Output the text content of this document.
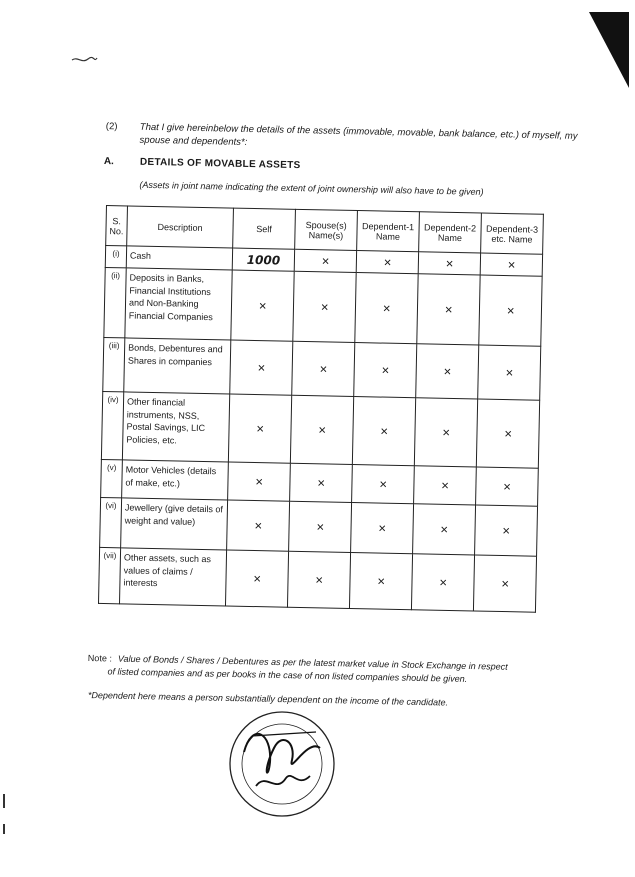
(2) That I give hereinbelow the details of the assets (immovable, movable, bank balance, etc.) of myself, my spouse and dependents*:
A.	DETAILS OF MOVABLE ASSETS
(Assets in joint name indicating the extent of joint ownership will also have to be given)
S. No.	Description	Self	Spouse(s) Name(s)	Dependent-1 Name	Dependent-2 Name	Dependent-3 etc. Name
(i)	Cash	1000	×	×	×	×
(ii)	Deposits in Banks, Financial Institutions and Non-Banking Financial Companies	×	×	×	×	×
(iii)	Bonds, Debentures and Shares in companies	×	×	×	×	×
(iv)	Other financial instruments, NSS, Postal Savings, LIC Policies, etc.	×	×	×	×	×
(v)	Motor Vehicles (details of make, etc.)	×	×	×	×	×
(vi)	Jewellery (give details of weight and value)	×	×	×	×	×
(vii)	Other assets, such as values of claims / interests	×	×	×	×	×
Note : Value of Bonds / Shares / Debentures as per the latest market value in Stock Exchange in respect
of listed companies and as per books in the case of non listed companies should be given.
*Dependent here means a person substantially dependent on the income of the candidate.
